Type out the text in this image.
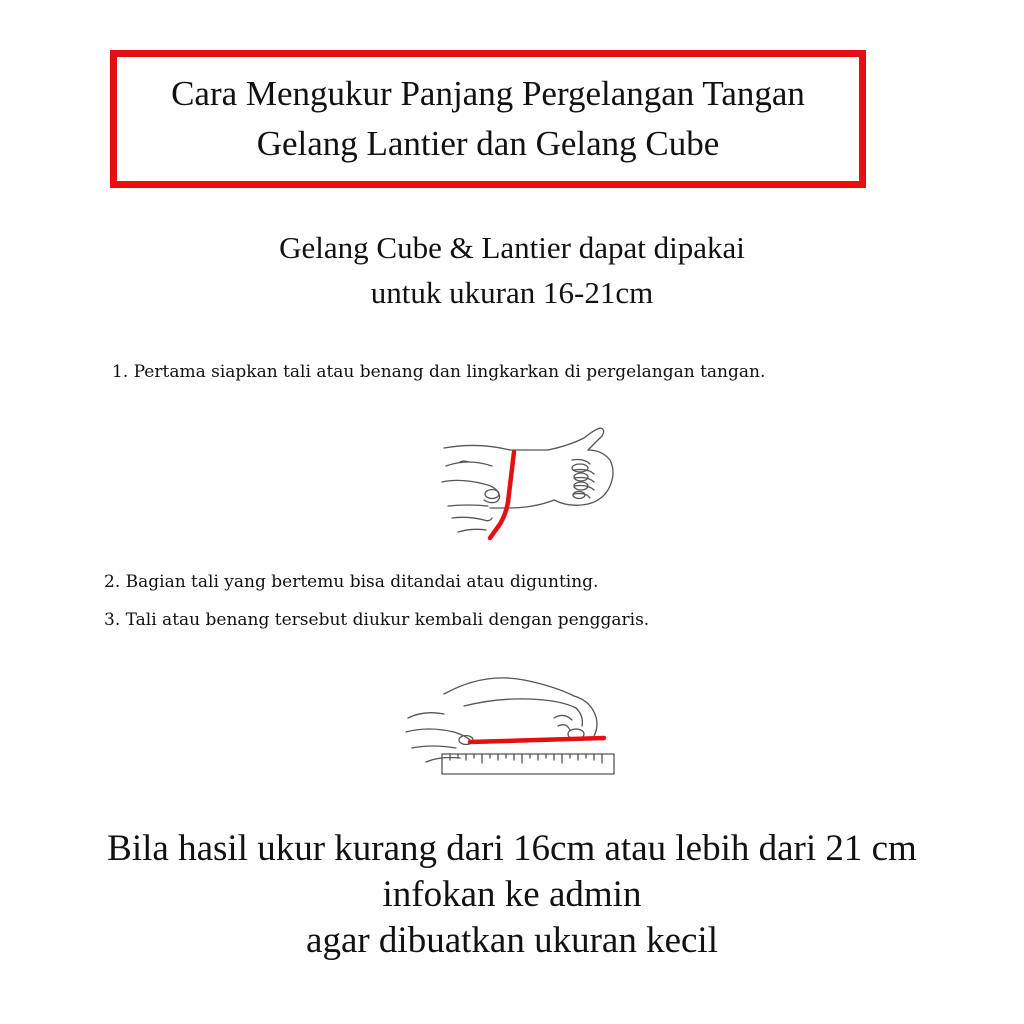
Cara Mengukur Panjang Pergelangan Tangan
Gelang Lantier dan Gelang Cube
Gelang Cube & Lantier dapat dipakai
untuk ukuran 16-21cm
1. Pertama siapkan tali atau benang dan lingkarkan di pergelangan tangan.
2. Bagian tali yang bertemu bisa ditandai atau digunting.
3. Tali atau benang tersebut diukur kembali dengan penggaris.
Bila hasil ukur kurang dari 16cm atau lebih dari 21 cm
infokan ke admin
agar dibuatkan ukuran kecil
